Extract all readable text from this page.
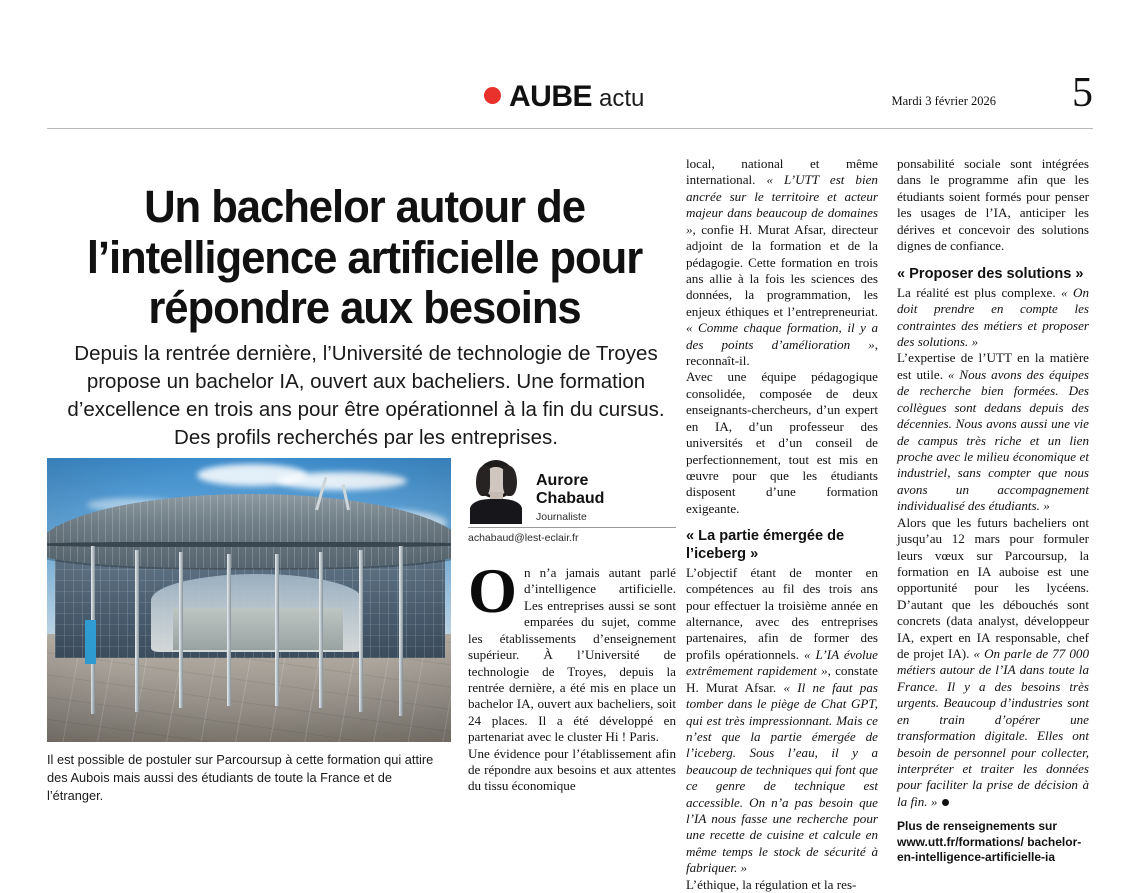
AUBE actu	Mardi 3 février 2026 5
Un bachelor autour de l’intelligence artificielle pour répondre aux besoins
Depuis la rentrée dernière, l’Université de technologie de Troyes propose un bachelor IA, ouvert aux bacheliers. Une formation d’excellence en trois ans pour être opérationnel à la fin du cursus. Des profils recherchés par les entreprises.
Il est possible de postuler sur Parcoursup à cette formation qui attire des Aubois mais aussi des étudiants de toute la France et de l’étranger.
Aurore
Chabaud
Journaliste
achabaud@lest-eclair.fr

On n’a jamais autant parlé d’intelligence artificielle. Les entreprises aussi se sont emparées du sujet, comme les établissements d’enseignement supérieur. À l’Université de technologie de Troyes, depuis la rentrée dernière, a été mis en place un bachelor IA, ouvert aux bacheliers, soit 24 places. Il a été développé en partenariat avec le cluster Hi ! Paris.

Une évidence pour l’établissement afin de répondre aux besoins et aux attentes du tissu économique

local, national et même international. « L’UTT est bien ancrée sur le territoire et acteur majeur dans beaucoup de domaines », confie H. Murat Afsar, directeur adjoint de la formation et de la pédagogie. Cette formation en trois ans allie à la fois les sciences des données, la programmation, les enjeux éthiques et l’entrepreneuriat. « Comme chaque formation, il y a des points d’amélioration », reconnaît-il.

Avec une équipe pédagogique consolidée, composée de deux enseignants-chercheurs, d’un expert en IA, d’un professeur des universités et d’un conseil de perfectionnement, tout est mis en œuvre pour que les étudiants disposent d’une formation exigeante.

« La partie émergée de l’iceberg »

L’objectif étant de monter en compétences au fil des trois ans pour effectuer la troisième année en alternance, avec des entreprises partenaires, afin de former des profils opérationnels. « L’IA évolue extrêmement rapidement », constate H. Murat Afsar. « Il ne faut pas tomber dans le piège de Chat GPT, qui est très impressionnant. Mais ce n’est que la partie émergée de l’iceberg. Sous l’eau, il y a beaucoup de techniques qui font que ce genre de technique est accessible. On n’a pas besoin que l’IA nous fasse une recherche pour une recette de cuisine et calcule en même temps le stock de sécurité à fabriquer. »

L’éthique, la régulation et la res-

ponsabilité sociale sont intégrées dans le programme afin que les étudiants soient formés pour penser les usages de l’IA, anticiper les dérives et concevoir des solutions dignes de confiance.

« Proposer des solutions »

La réalité est plus complexe. « On doit prendre en compte les contraintes des métiers et proposer des solutions. »

L’expertise de l’UTT en la matière est utile. « Nous avons des équipes de recherche bien formées. Des collègues sont dedans depuis des décennies. Nous avons aussi une vie de campus très riche et un lien proche avec le milieu économique et industriel, sans compter que nous avons un accompagnement individualisé des étudiants. »

Alors que les futurs bacheliers ont jusqu’au 12 mars pour formuler leurs vœux sur Parcoursup, la formation en IA auboise est une opportunité pour les lycéens. D’autant que les débouchés sont concrets (data analyst, développeur IA, expert en IA responsable, chef de projet IA). « On parle de 77 000 métiers autour de l’IA dans toute la France. Il y a des besoins très urgents. Beaucoup d’industries sont en train d’opérer une transformation digitale. Elles ont besoin de personnel pour collecter, interpréter et traiter les données pour faciliter la prise de décision à la fin. »

Plus de renseignements sur www.utt.fr/formations/ bachelor-en-intelligence-artificielle-ia
